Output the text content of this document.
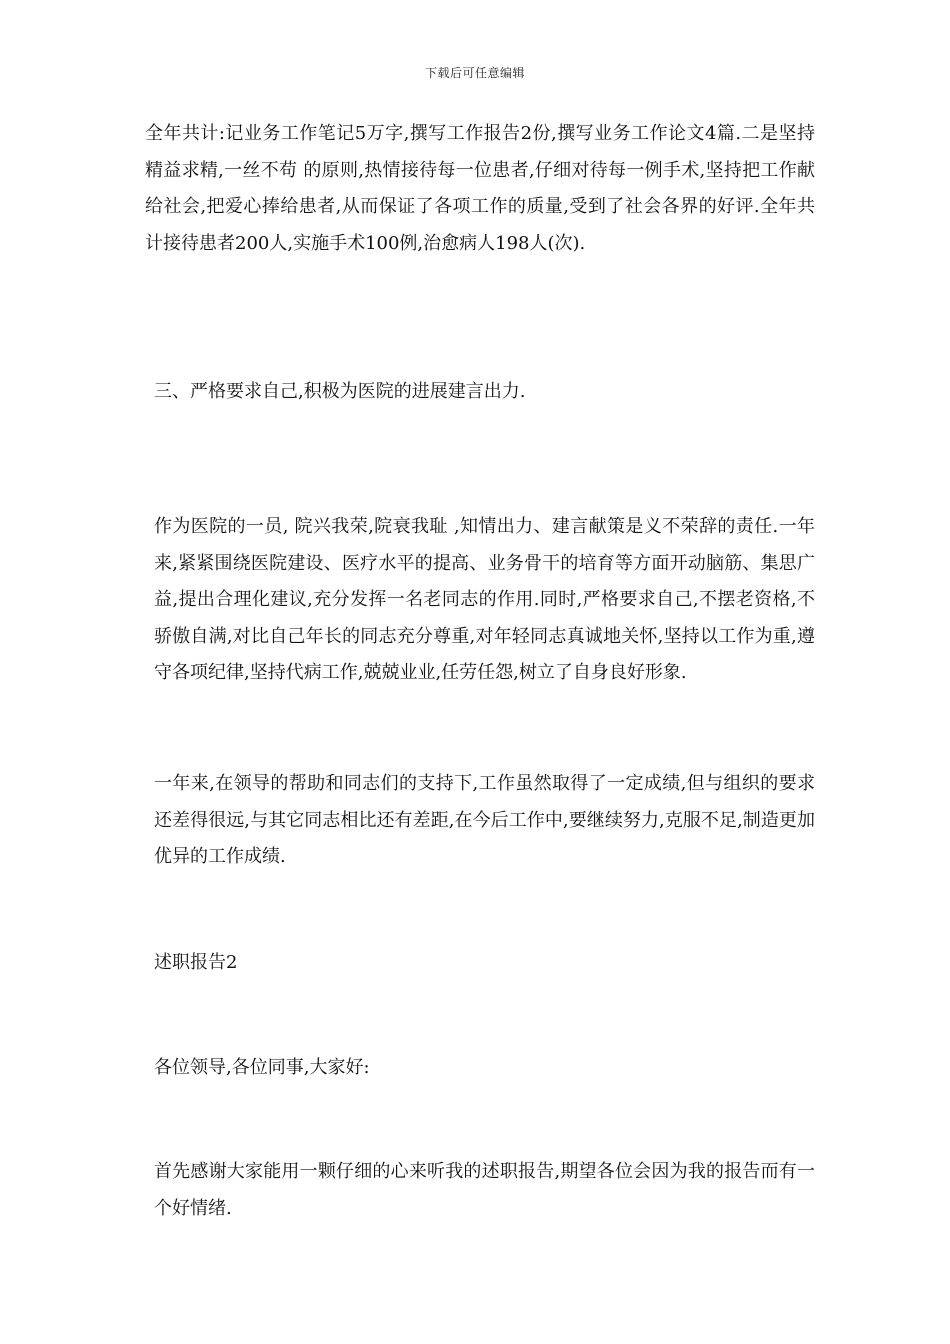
下载后可任意编辑

全年共计:记业务工作笔记5万字,撰写工作报告2份,撰写业务工作论文4篇.二是坚持 精益求精,一丝不苟 的原则,热情接待每一位患者,仔细对待每一例手术,坚持把工作献给社会,把爱心捧给患者,从而保证了各项工作的质量,受到了社会各界的好评.全年共计接待患者200人,实施手术100例,治愈病人198人(次).

三、严格要求自己,积极为医院的进展建言出力.

作为医院的一员, 院兴我荣,院衰我耻 ,知情出力、建言献策是义不荣辞的责任.一年来,紧紧围绕医院建设、医疗水平的提高、业务骨干的培育等方面开动脑筋、集思广益,提出合理化建议,充分发挥一名老同志的作用.同时,严格要求自己,不摆老资格,不骄傲自满,对比自己年长的同志充分尊重,对年轻同志真诚地关怀,坚持以工作为重,遵守各项纪律,坚持代病工作,兢兢业业,任劳任怨,树立了自身良好形象.

一年来,在领导的帮助和同志们的支持下,工作虽然取得了一定成绩,但与组织的要求还差得很远,与其它同志相比还有差距,在今后工作中,要继续努力,克服不足,制造更加优异的工作成绩.

述职报告2

各位领导,各位同事,大家好:

首先感谢大家能用一颗仔细的心来听我的述职报告,期望各位会因为我的报告而有一个好情绪.
